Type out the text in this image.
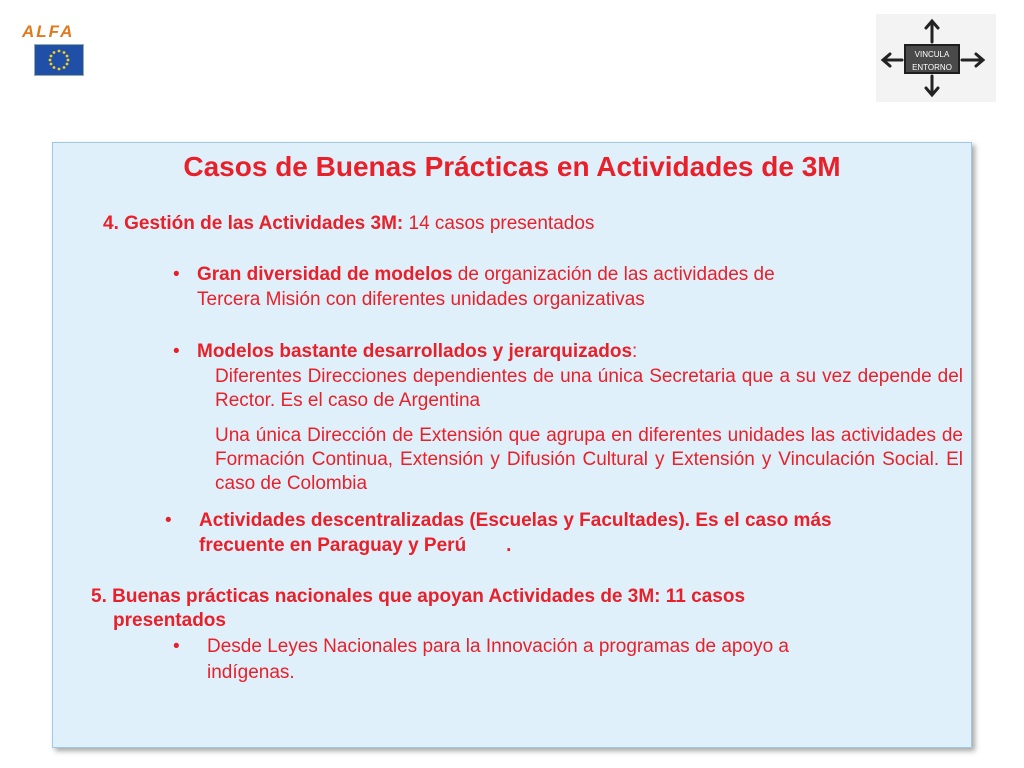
ALFA
VINCULA
ENTORNO
Casos de Buenas Prácticas en Actividades de 3M
4. Gestión de las Actividades 3M: 14 casos presentados
• Gran diversidad de modelos de organización de las actividades de
Tercera Misión con diferentes unidades organizativas
• Modelos bastante desarrollados y jerarquizados:
Diferentes Direcciones dependientes de una única Secretaria que a su vez depende del Rector. Es el caso de Argentina
Una única Dirección de Extensión que agrupa en diferentes unidades las actividades de Formación Continua, Extensión y Difusión Cultural y Extensión y Vinculación Social. El caso de Colombia
• Actividades descentralizadas (Escuelas y Facultades). Es el caso más
frecuente en Paraguay y Perú .
5. Buenas prácticas nacionales que apoyan Actividades de 3M: 11 casos
presentados
• Desde Leyes Nacionales para la Innovación a programas de apoyo a
indígenas.
